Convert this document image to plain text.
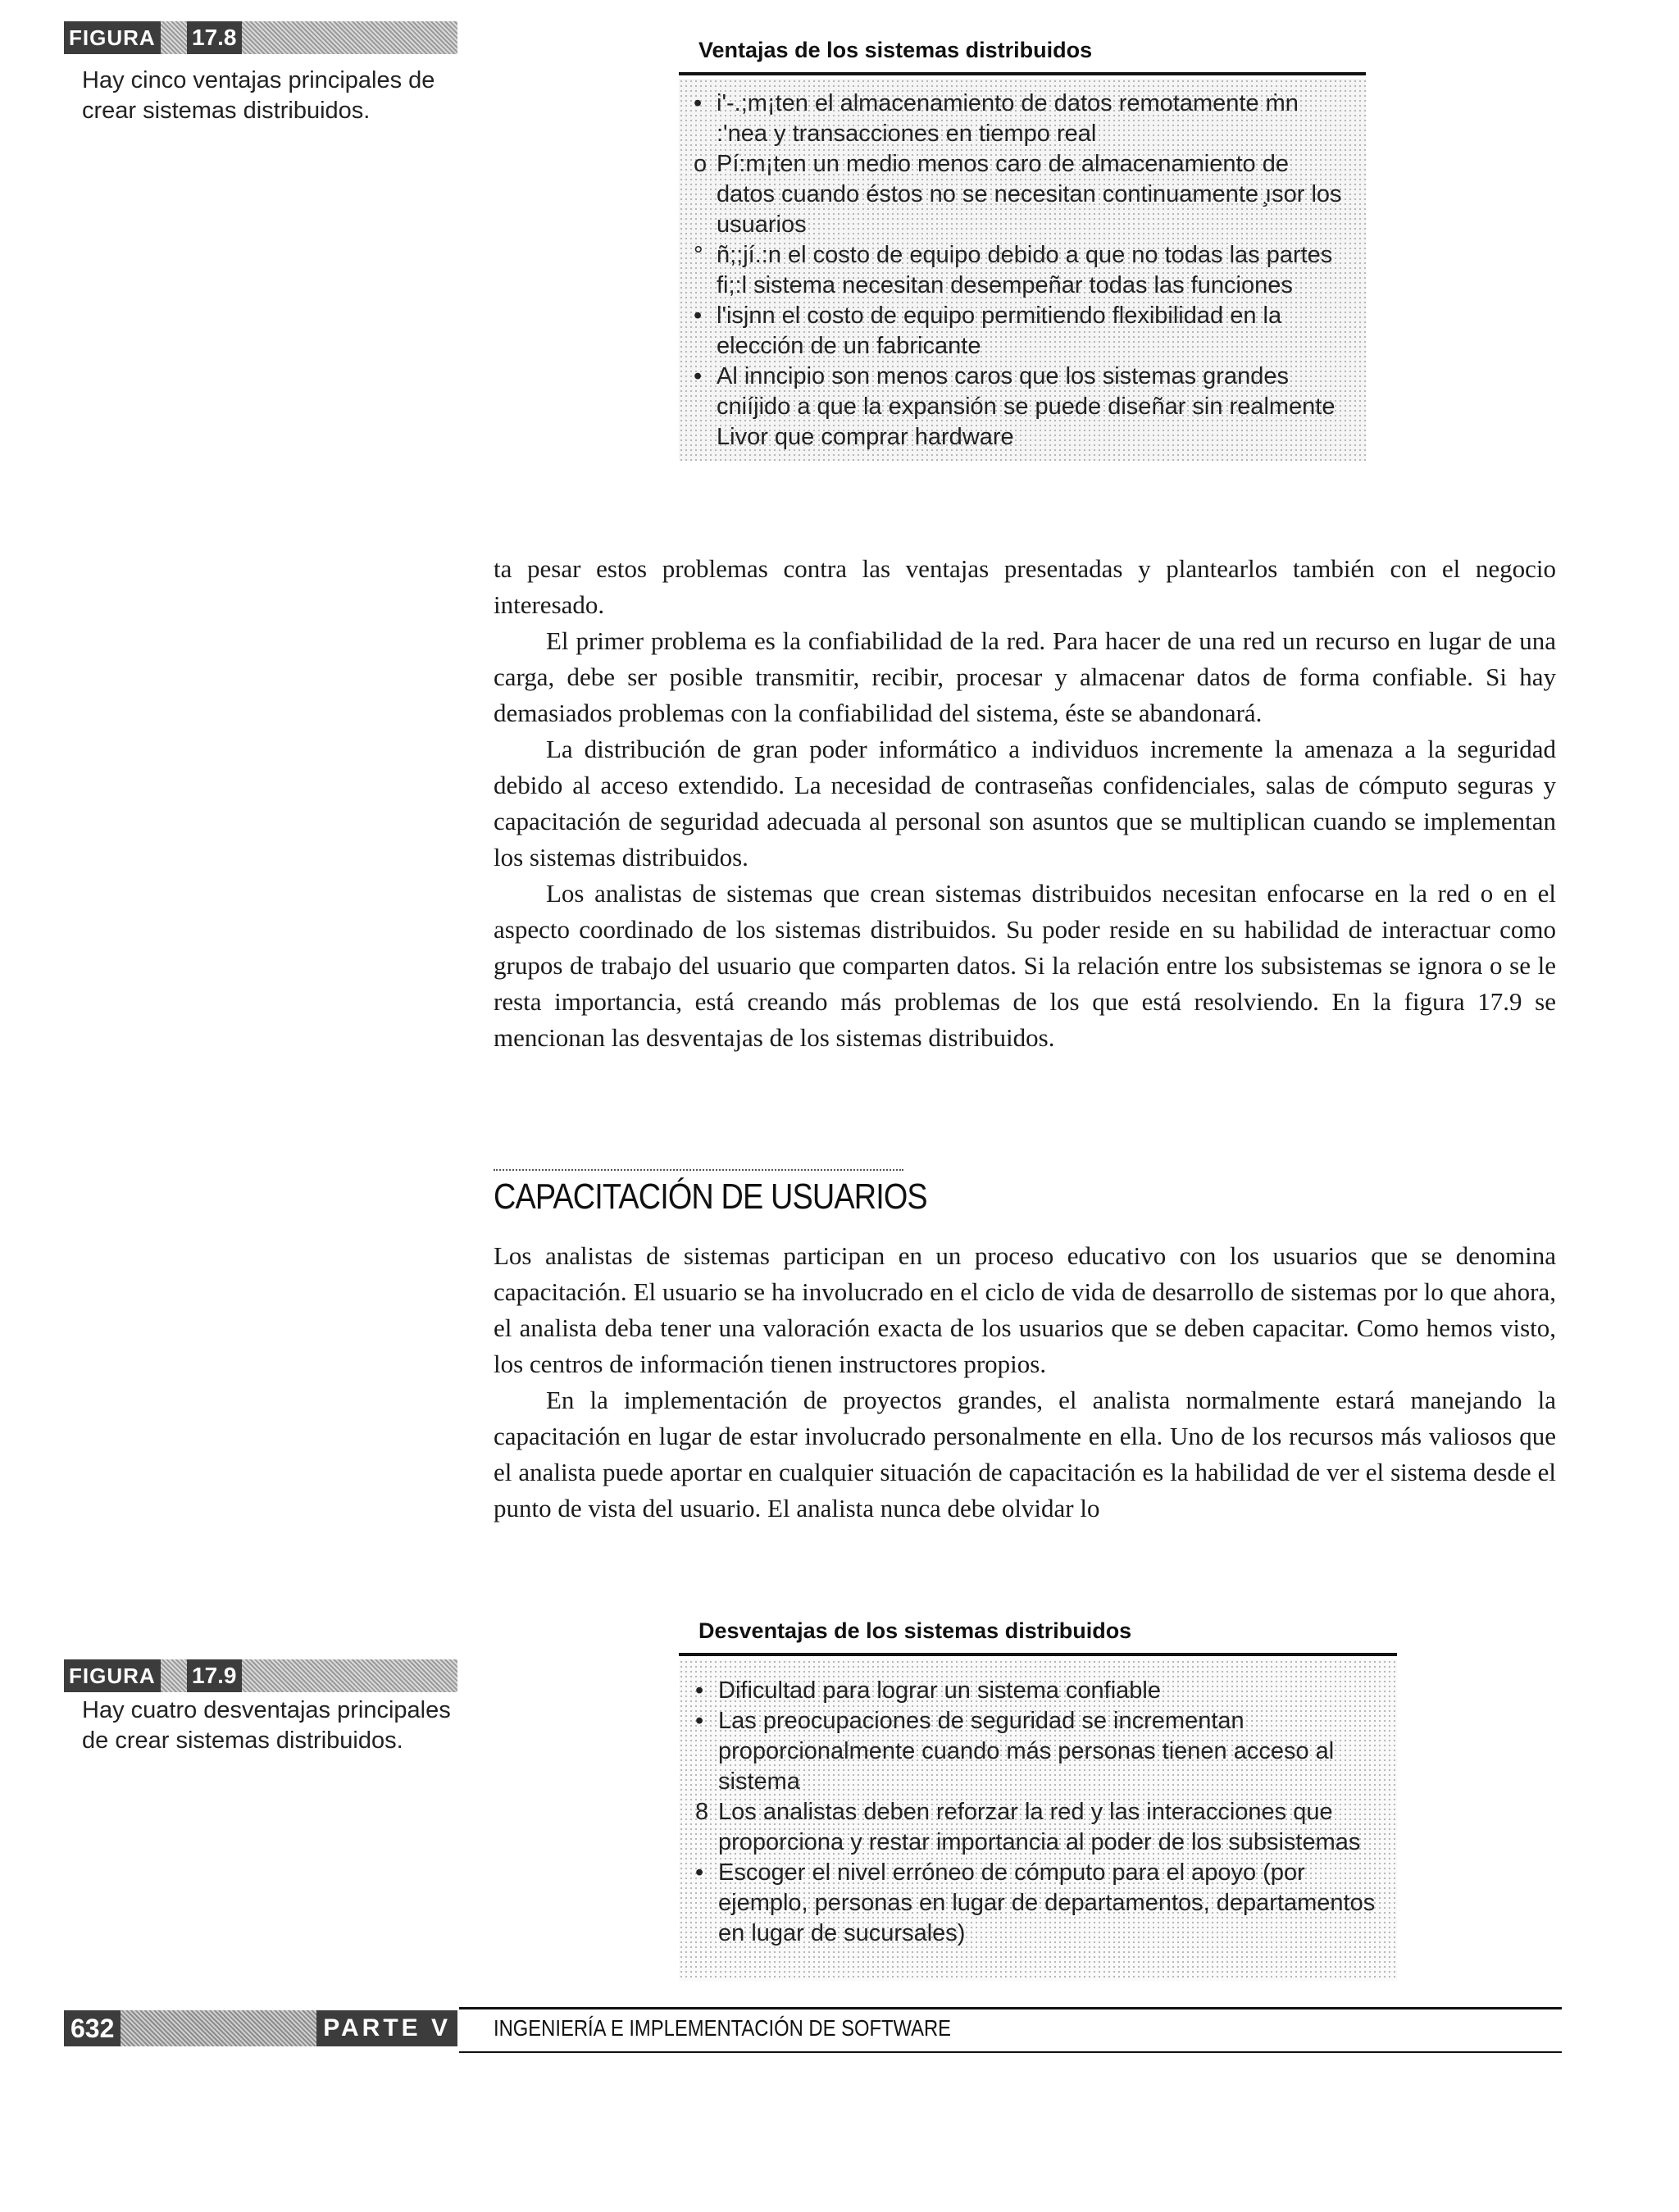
FIGURA 17.8
Hay cinco ventajas principales de crear sistemas distribuidos.
Ventajas de los sistemas distribuidos
• i'-.;m¡ten el almacenamiento de datos remotamente ṁn :'nea y transacciones en tiempo real
o Pí:m¡ten un medio menos caro de almacenamiento de datos cuando éstos no se necesitan continuamente ̧ısor los usuarios
° ñ;;jí.:n el costo de equipo debido a que no todas las partes fi;:l sistema necesitan desempeñar todas las funciones
• l'isjnn el costo de equipo permitiendo flexibilidad en la elección de un fabricante
• Al inncipio son menos caros que los sistemas grandes cniíjido a que la expansión se puede diseñar sin realmente Livor que comprar hardware

ta pesar estos problemas contra las ventajas presentadas y plantearlos también con el negocio interesado.

El primer problema es la confiabilidad de la red. Para hacer de una red un recurso en lugar de una carga, debe ser posible transmitir, recibir, procesar y almacenar datos de forma confiable. Si hay demasiados problemas con la confiabilidad del sistema, éste se abandonará.

La distribución de gran poder informático a individuos incremente la amenaza a la seguridad debido al acceso extendido. La necesidad de contraseñas confidenciales, salas de cómputo seguras y capacitación de seguridad adecuada al personal son asuntos que se multiplican cuando se implementan los sistemas distribuidos.

Los analistas de sistemas que crean sistemas distribuidos necesitan enfocarse en la red o en el aspecto coordinado de los sistemas distribuidos. Su poder reside en su habilidad de interactuar como grupos de trabajo del usuario que comparten datos. Si la relación entre los subsistemas se ignora o se le resta importancia, está creando más problemas de los que está resolviendo. En la figura 17.9 se mencionan las desventajas de los sistemas distribuidos.

CAPACITACIÓN DE USUARIOS

Los analistas de sistemas participan en un proceso educativo con los usuarios que se denomina capacitación. El usuario se ha involucrado en el ciclo de vida de desarrollo de sistemas por lo que ahora, el analista deba tener una valoración exacta de los usuarios que se deben capacitar. Como hemos visto, los centros de información tienen instructores propios.

En la implementación de proyectos grandes, el analista normalmente estará manejando la capacitación en lugar de estar involucrado personalmente en ella. Uno de los recursos más valiosos que el analista puede aportar en cualquier situación de capacitación es la habilidad de ver el sistema desde el punto de vista del usuario. El analista nunca debe olvidar lo

FIGURA 17.9
Hay cuatro desventajas principales de crear sistemas distribuidos.
Desventajas de los sistemas distribuidos
• Dificultad para lograr un sistema confiable
• Las preocupaciones de seguridad se incrementan proporcionalmente cuando más personas tienen acceso al sistema
8 Los analistas deben reforzar la red y las interacciones que proporciona y restar importancia al poder de los subsistemas
• Escoger el nivel erróneo de cómputo para el apoyo (por ejemplo, personas en lugar de departamentos, departamentos en lugar de sucursales)
632	PARTE V INGENIERÍA E IMPLEMENTACIÓN DE SOFTWARE
